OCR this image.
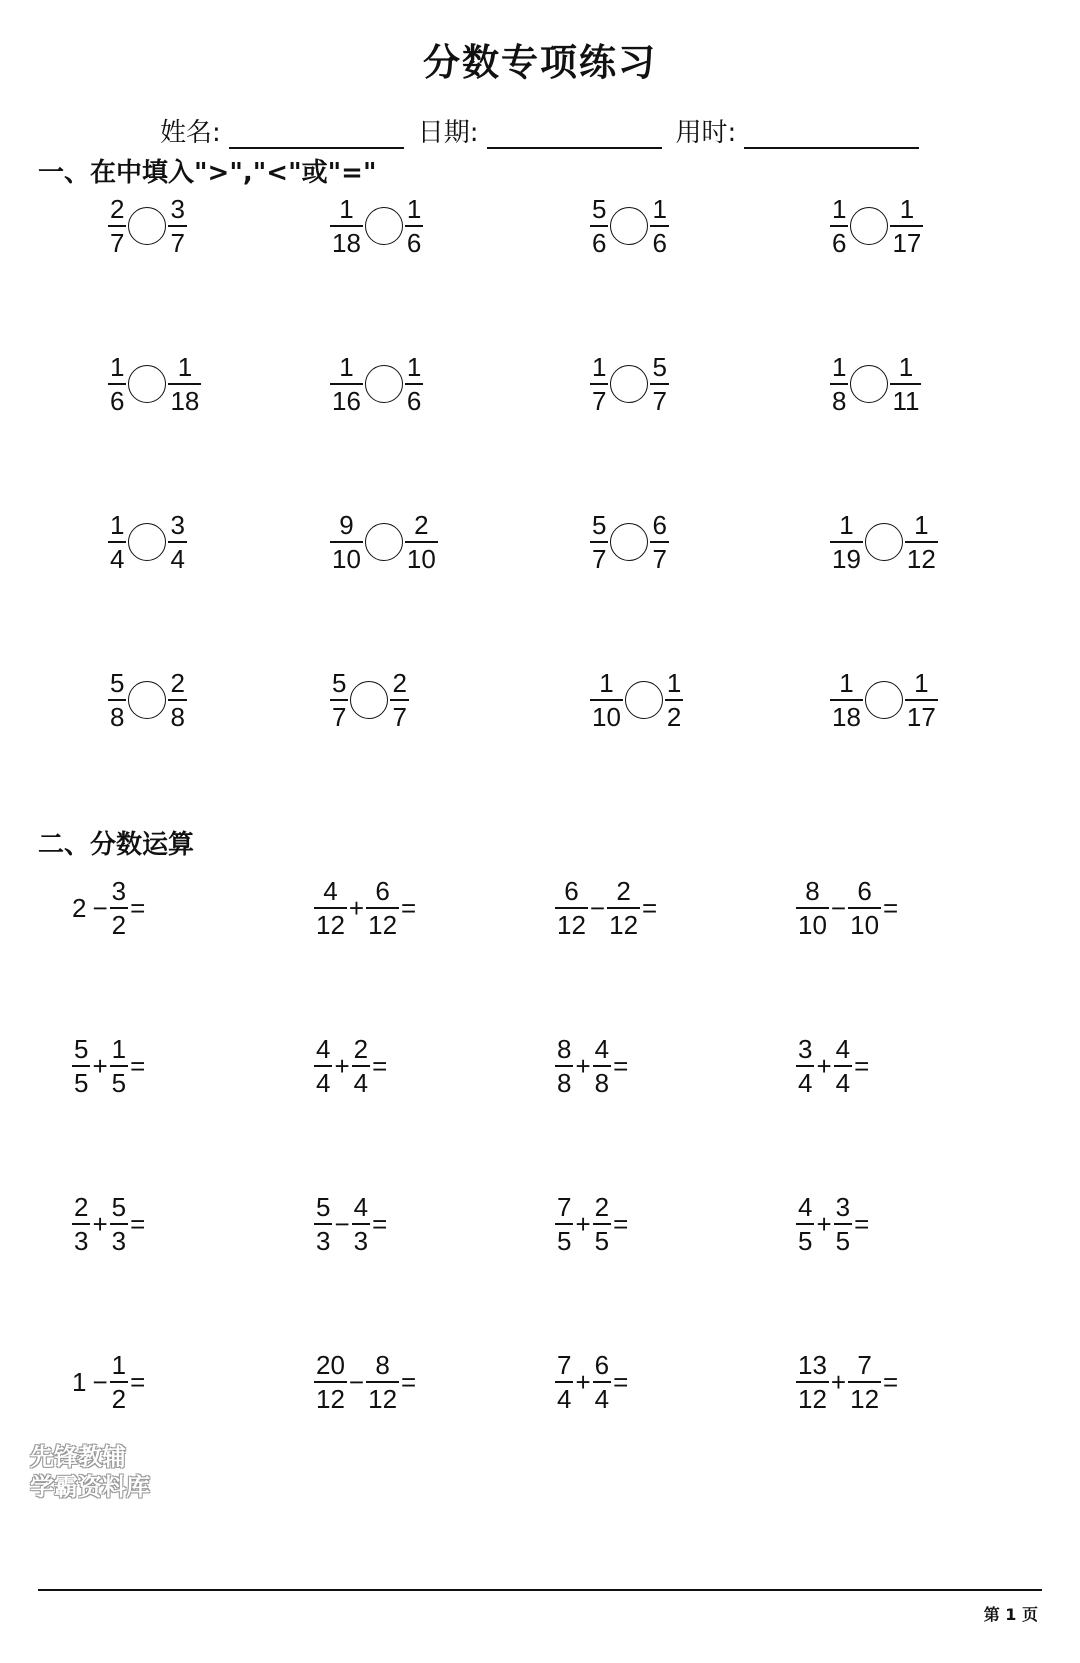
分数专项练习
姓名:	日期:	用时:
一、在中填入">","<"或"="
$\frac{2}{7} \frac{3}{7}$	$\frac{1}{18} \frac{1}{6}$	$\frac{5}{6} \frac{1}{6}$	$\frac{1}{6} \frac{1}{17}$
$\frac{1}{6} \frac{1}{18}$	$\frac{1}{16} \frac{1}{6}$	$\frac{1}{7} \frac{5}{7}$	$\frac{1}{8} \frac{1}{11}$
$\frac{1}{4} \frac{3}{4}$	$\frac{9}{10} \frac{2}{10}$	$\frac{5}{7} \frac{6}{7}$	$\frac{1}{19} \frac{1}{12}$
$\frac{5}{8} \frac{2}{8}$	$\frac{5}{7} \frac{2}{7}$	$\frac{1}{10} \frac{1}{2}$	$\frac{1}{18} \frac{1}{17}$
二、分数运算
$2 - \frac{3}{2}$ =	$\frac{4}{12} + \frac{6}{12}$ =	$\frac{6}{12} - \frac{2}{12}$ =	$\frac{8}{10} - \frac{6}{10}$ =
$\frac{5}{5} + \frac{1}{5}$ =	$\frac{4}{4} + \frac{2}{4}$ =	$\frac{8}{8} + \frac{4}{8}$ =	$\frac{3}{4} + \frac{4}{4}$ =
$\frac{2}{3} + \frac{5}{3}$ =	$\frac{5}{3} - \frac{4}{3}$ =	$\frac{7}{5} + \frac{2}{5}$ =	$\frac{4}{5} + \frac{3}{5}$ =
$1 - \frac{1}{2}$ =	$\frac{20}{12} - \frac{8}{12}$ =	$\frac{7}{4} + \frac{6}{4}$ =	$\frac{13}{12} + \frac{7}{12}$ =
先锋教辅
学霸资料库
第 1 页
